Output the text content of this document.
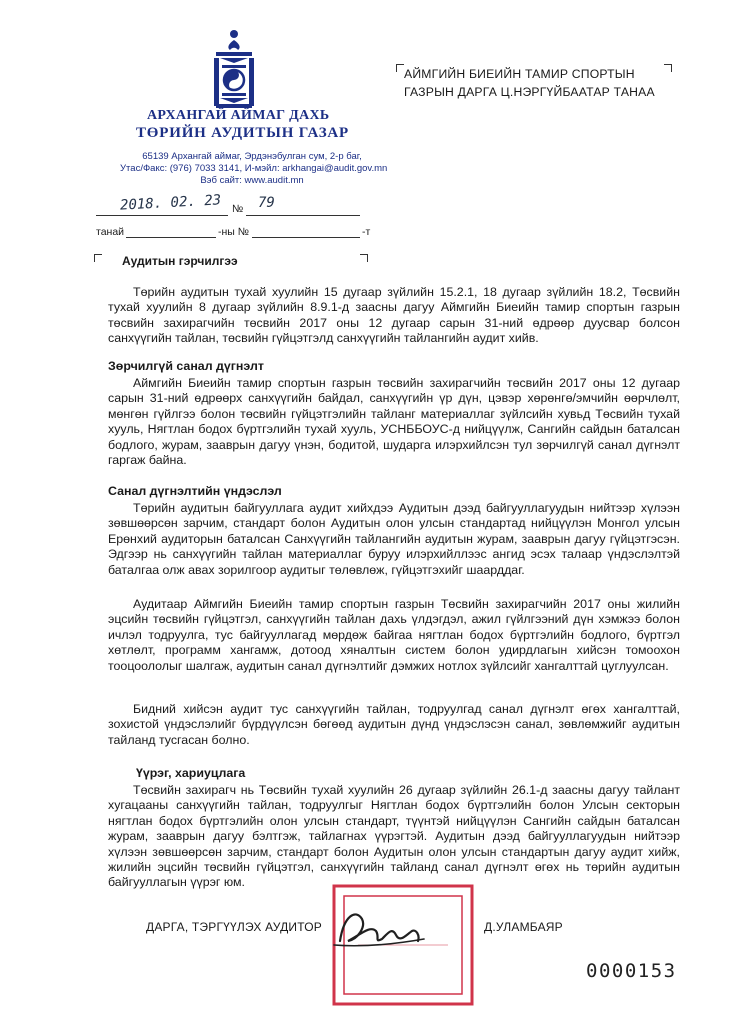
АРХАНГАЙ АЙМАГ ДАХЬ
ТӨРИЙН АУДИТЫН ГАЗАР
65139 Архангай аймаг, Эрдэнэбулган сум, 2-р баг,
Утас/Факс: (976) 7033 3141, И-мэйл: arkhangai@audit.gov.mn
Вэб сайт: www.audit.mn
2018. 02. 23 № 79
танай	-ны №	-т
АЙМГИЙН БИЕИЙН ТАМИР СПОРТЫН
ГАЗРЫН ДАРГА Ц.НЭРГҮЙБААТАР ТАНАА
Аудитын гэрчилгээ

Төрийн аудитын тухай хуулийн 15 дугаар зүйлийн 15.2.1, 18 дугаар зүйлийн 18.2, Төсвийн тухай хуулийн 8 дугаар зүйлийн 8.9.1-д заасны дагуу Аймгийн Биеийн тамир спортын газрын төсвийн захирагчийн төсвийн 2017 оны 12 дугаар сарын 31-ний өдрөөр дуусвар болсон санхүүгийн тайлан, төсвийн гүйцэтгэлд санхүүгийн тайлангийн аудит хийв.

Зөрчилгүй санал дүгнэлт

Аймгийн Биеийн тамир спортын газрын төсвийн захирагчийн төсвийн 2017 оны 12 дугаар сарын 31-ний өдрөөрх санхүүгийн байдал, санхүүгийн үр дүн, цэвэр хөрөнгө/эмчийн өөрчлөлт, мөнгөн гүйлгээ болон төсвийн гүйцэтгэлийн тайланг материаллаг зүйлсийн хувьд Төсвийн тухай хууль, Нягтлан бодох бүртгэлийн тухай хууль, УСНББОУС-д нийцүүлж, Сангийн сайдын баталсан бодлого, журам, зааврын дагуу үнэн, бодитой, шударга илэрхийлсэн тул зөрчилгүй санал дүгнэлт гаргаж байна.

Санал дүгнэлтийн үндэслэл

Төрийн аудитын байгууллага аудит хийхдээ Аудитын дээд байгууллагуудын нийтээр хүлээн зөвшөөрсөн зарчим, стандарт болон Аудитын олон улсын стандартад нийцүүлэн Монгол улсын Ерөнхий аудиторын баталсан Санхүүгийн тайлангийн аудитын журам, зааврын дагуу гүйцэтгэсэн. Эдгээр нь санхүүгийн тайлан материаллаг буруу илэрхийллээс ангид эсэх талаар үндэслэлтэй баталгаа олж авах зорилгоор аудитыг төлөвлөж, гүйцэтгэхийг шаарддаг.

Аудитаар Аймгийн Биеийн тамир спортын газрын Төсвийн захирагчийн 2017 оны жилийн эцсийн төсвийн гүйцэтгэл, санхүүгийн тайлан дахь үлдэгдэл, ажил гүйлгээний дүн хэмжээ болон ичлэл тодруулга, тус байгууллагад мөрдөж байгаа нягтлан бодох бүртгэлийн бодлого, бүртгэл хөтлөлт, программ хангамж, дотоод хяналтын систем болон удирдлагын хийсэн томоохон тооцоололыг шалгаж, аудитын санал дүгнэлтийг дэмжих нотлох зүйлсийг хангалттай цуглуулсан.

Бидний хийсэн аудит тус санхүүгийн тайлан, тодруулгад санал дүгнэлт өгөх хангалттай, зохистой үндэслэлийг бүрдүүлсэн бөгөөд аудитын дүнд үндэслэсэн санал, зөвлөмжийг аудитын тайланд тусгасан болно.

Үүрэг, хариуцлага

Төсвийн захирагч нь Төсвийн тухай хуулийн 26 дугаар зүйлийн 26.1-д заасны дагуу тайлант хугацааны санхүүгийн тайлан, тодруулгыг Нягтлан бодох бүртгэлийн болон Улсын секторын нягтлан бодох бүртгэлийн олон улсын стандарт, түүнтэй нийцүүлэн Сангийн сайдын баталсан журам, зааврын дагуу бэлтгэж, тайлагнах үүрэгтэй. Аудитын дээд байгууллагуудын нийтээр хүлээн зөвшөөрсөн зарчим, стандарт болон Аудитын олон улсын стандартын дагуу аудит хийж, жилийн эцсийн төсвийн гүйцэтгэл, санхүүгийн тайланд санал дүгнэлт өгөх нь төрийн аудитын байгууллагын үүрэг юм.

ДАРГА, ТЭРГҮҮЛЭХ АУДИТОР	Д.УЛАМБАЯР
0000153
